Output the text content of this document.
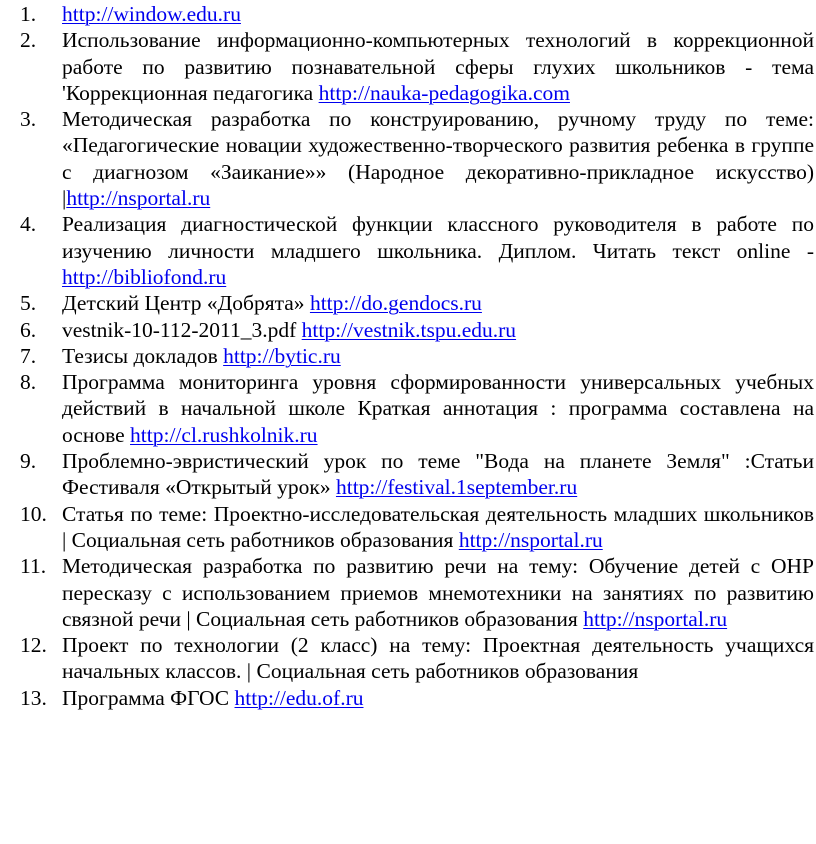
1. http://window.edu.ru
2. Использование информационно-компьютерных технологий в коррекционной работе по развитию познавательной сферы глухих школьников - тема 'Коррекционная педагогика http://nauka-pedagogika.com
3. Методическая разработка по конструированию, ручному труду по теме: «Педагогические новации художественно-творческого развития ребенка в группе с диагнозом «Заикание»» (Народное декоративно-прикладное искусство) |http://nsportal.ru
4. Реализация диагностической функции классного руководителя в работе по изучению личности младшего школьника. Диплом. Читать текст online - http://bibliofond.ru
5. Детский Центр «Добрята» http://do.gendocs.ru
6. vestnik-10-112-2011_3.pdf http://vestnik.tspu.edu.ru
7. Тезисы докладов http://bytic.ru
8. Программа мониторинга уровня сформированности универсальных учебных действий в начальной школе Краткая аннотация : программа составлена на основе http://cl.rushkolnik.ru
9. Проблемно-эвристический урок по теме "Вода на планете Земля" :Статьи Фестиваля «Открытый урок» http://festival.1september.ru
10. Статья по теме: Проектно-исследовательская деятельность младших школьников | Социальная сеть работников образования http://nsportal.ru
11. Методическая разработка по развитию речи на тему: Обучение детей с ОНР пересказу с использованием приемов мнемотехники на занятиях по развитию связной речи | Социальная сеть работников образования http://nsportal.ru
12. Проект по технологии (2 класс) на тему: Проектная деятельность учащихся начальных классов. | Социальная сеть работников образования
13. Программа ФГОС http://edu.of.ru
